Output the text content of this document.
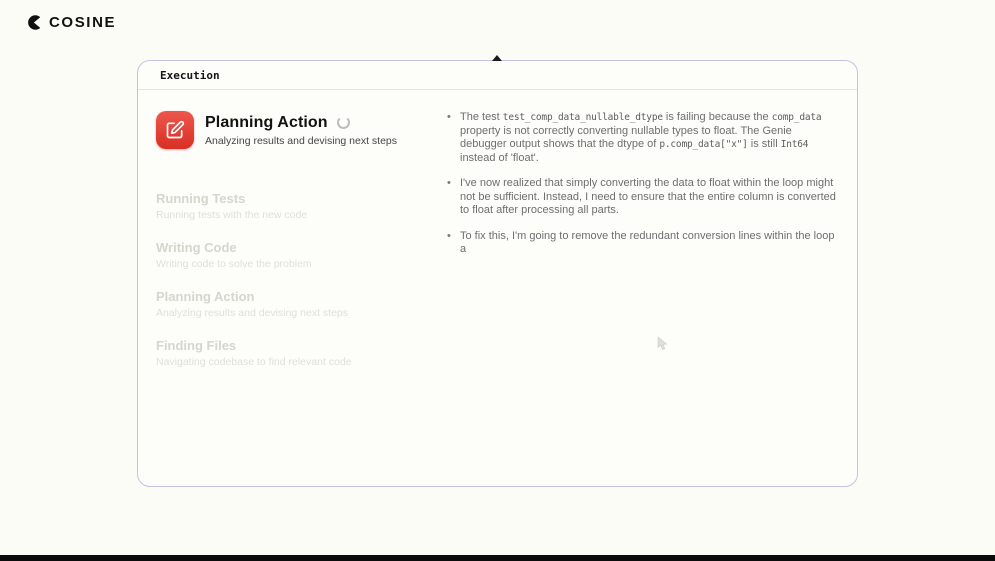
COSINE
Execution
Planning Action
Analyzing results and devising next steps
Running Tests
Running tests with the new code
Writing Code
Writing code to solve the problem
Planning Action
Analyzing results and devising next steps
Finding Files
Navigating codebase to find relevant code
• The test test_comp_data_nullable_dtype is failing because the comp_data property is not correctly converting nullable types to float. The Genie debugger output shows that the dtype of p.comp_data["x"] is still Int64 instead of 'float'.
• I've now realized that simply converting the data to float within the loop might not be sufficient. Instead, I need to ensure that the entire column is converted to float after processing all parts.
• To fix this, I'm going to remove the redundant conversion lines within the loop a
